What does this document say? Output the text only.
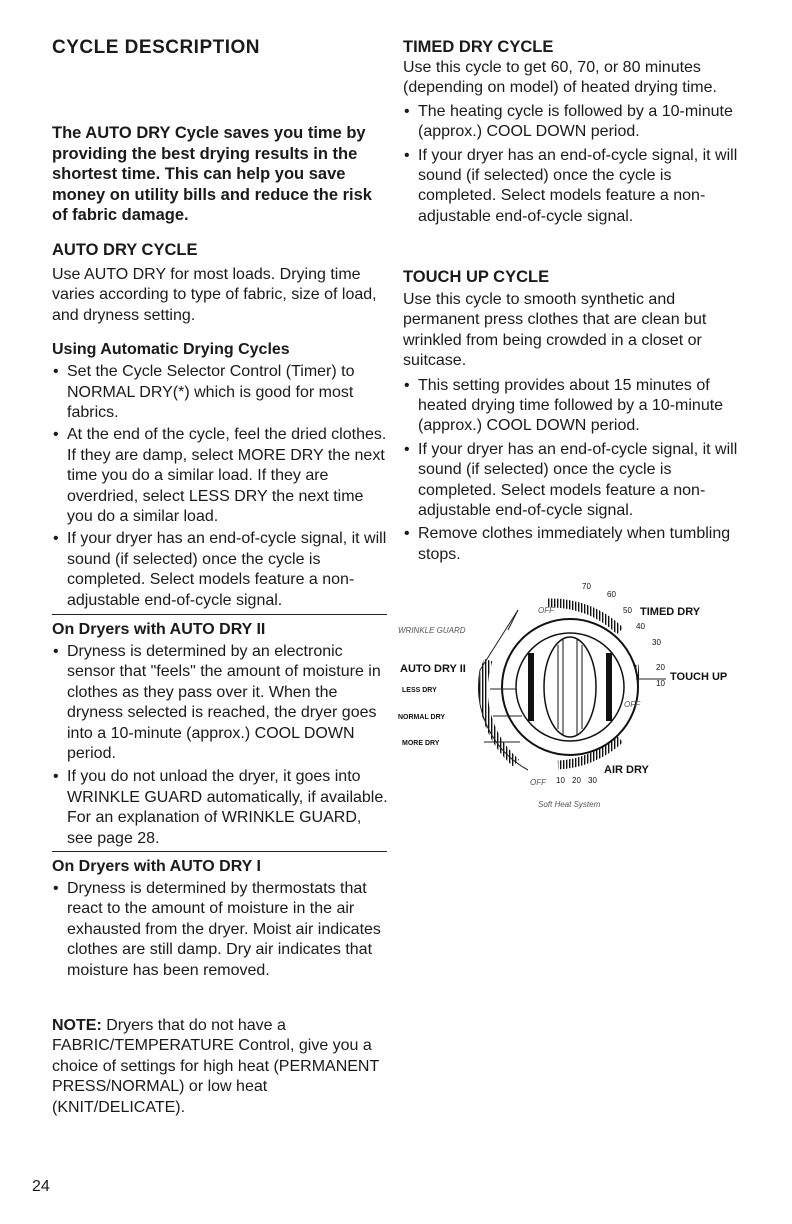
CYCLE DESCRIPTION
The AUTO DRY Cycle saves you time by providing the best drying results in the shortest time. This can help you save money on utility bills and reduce the risk of fabric damage.
AUTO DRY CYCLE

Use AUTO DRY for most loads. Drying time varies according to type of fabric, size of load, and dryness setting.

Using Automatic Drying Cycles
• Set the Cycle Selector Control (Timer) to NORMAL DRY(*) which is good for most fabrics.
• At the end of the cycle, feel the dried clothes. If they are damp, select MORE DRY the next time you do a similar load. If they are overdried, select LESS DRY the next time you do a similar load.
• If your dryer has an end-of-cycle signal, it will sound (if selected) once the cycle is completed. Select models feature a non-adjustable end-of-cycle signal.
On Dryers with AUTO DRY II
• Dryness is determined by an electronic sensor that "feels" the amount of moisture in clothes as they pass over it. When the dryness selected is reached, the dryer goes into a 10-minute (approx.) COOL DOWN period.
• If you do not unload the dryer, it goes into WRINKLE GUARD automatically, if available. For an explanation of WRINKLE GUARD, see page 28.
On Dryers with AUTO DRY I
• Dryness is determined by thermostats that react to the amount of moisture in the air exhausted from the dryer. Moist air indicates clothes are still damp. Dry air indicates that moisture has been removed.

NOTE: Dryers that do not have a FABRIC/TEMPERATURE Control, give you a choice of settings for high heat (PERMANENT PRESS/NORMAL) or low heat (KNIT/DELICATE).

TIMED DRY CYCLE

Use this cycle to get 60, 70, or 80 minutes (depending on model) of heated drying time.

• The heating cycle is followed by a 10-minute (approx.) COOL DOWN period.
• If your dryer has an end-of-cycle signal, it will sound (if selected) once the cycle is completed. Select models feature a non-adjustable end-of-cycle signal.
TOUCH UP CYCLE

Use this cycle to smooth synthetic and permanent press clothes that are clean but wrinkled from being crowded in a closet or suitcase.

• This setting provides about 15 minutes of heated drying time followed by a 10-minute (approx.) COOL DOWN period.
• If your dryer has an end-of-cycle signal, it will sound (if selected) once the cycle is completed. Select models feature a non-adjustable end-of-cycle signal.
• Remove clothes immediately when tumbling stops.
70
60
50 TIMED DRY
40
30
20
10
TOUCH UP
OFF
WRINKLE GUARD
AUTO DRY II
LESS DRY
NORMAL DRY
MORE DRY
OFF
OFF 10 20 30
AIR DRY
Soft Heat System
24
